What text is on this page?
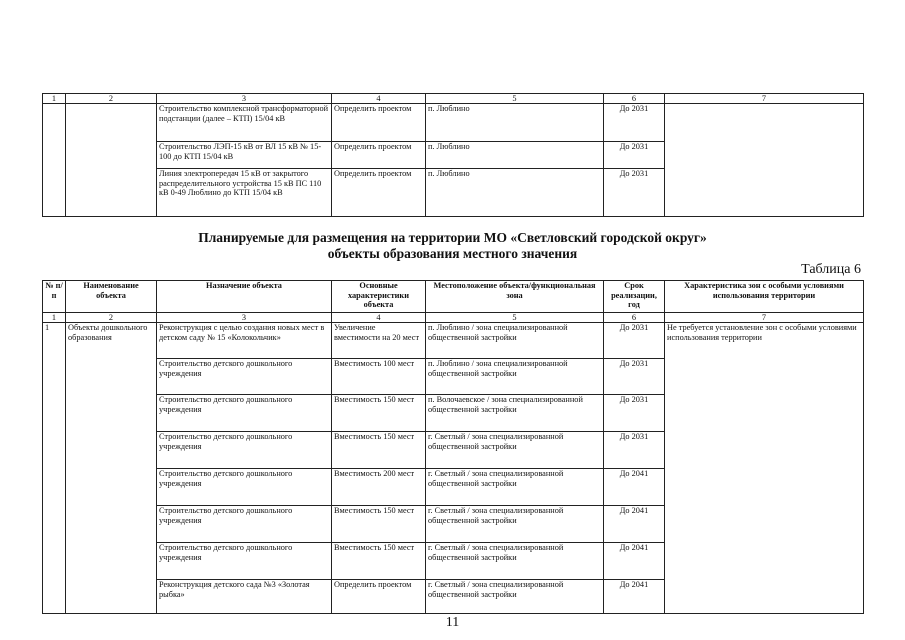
1	2	3	4	5	6	7
		Строительство комплексной трансформаторной подстанции (далее – КТП) 15/04 кВ	Определить проектом	п. Люблино	До 2031	
		Строительство ЛЭП-15 кВ от ВЛ 15 кВ № 15-100 до КТП 15/04 кВ	Определить проектом	п. Люблино	До 2031	
		Линия электропередач 15 кВ от закрытого распределительного устройства 15 кВ ПС 110 кВ 0-49 Люблино до КТП 15/04 кВ	Определить проектом	п. Люблино	До 2031	
Планируемые для размещения на территории МО «Светловский городской округ»
объекты образования местного значения
Таблица 6
№ п/п	Наименование объекта	Назначение объекта	Основные характеристики объекта	Местоположение объекта/функциональная зона	Срок реализации, год	Характеристика зон с особыми условиями использования территории
1	2	3	4	5	6	7
1	Объекты дошкольного образования	Реконструкция с целью создания новых мест в детском саду № 15 «Колокольчик»	Увеличение вместимости на 20 мест	п. Люблино / зона специализированной общественной застройки	До 2031	Не требуется установление зон с особыми условиями использования территории
		Строительство детского дошкольного учреждения	Вместимость 100 мест	п. Люблино / зона специализированной общественной застройки	До 2031	
		Строительство детского дошкольного учреждения	Вместимость 150 мест	п. Волочаевское / зона специализированной общественной застройки	До 2031	
		Строительство детского дошкольного учреждения	Вместимость 150 мест	г. Светлый / зона специализированной общественной застройки	До 2031	
		Строительство детского дошкольного учреждения	Вместимость 200 мест	г. Светлый / зона специализированной общественной застройки	До 2041	
		Строительство детского дошкольного учреждения	Вместимость 150 мест	г. Светлый / зона специализированной общественной застройки	До 2041	
		Строительство детского дошкольного учреждения	Вместимость 150 мест	г. Светлый / зона специализированной общественной застройки	До 2041	
		Реконструкция детского сада №3 «Золотая рыбка»	Определить проектом	г. Светлый / зона специализированной общественной застройки	До 2041	
11
